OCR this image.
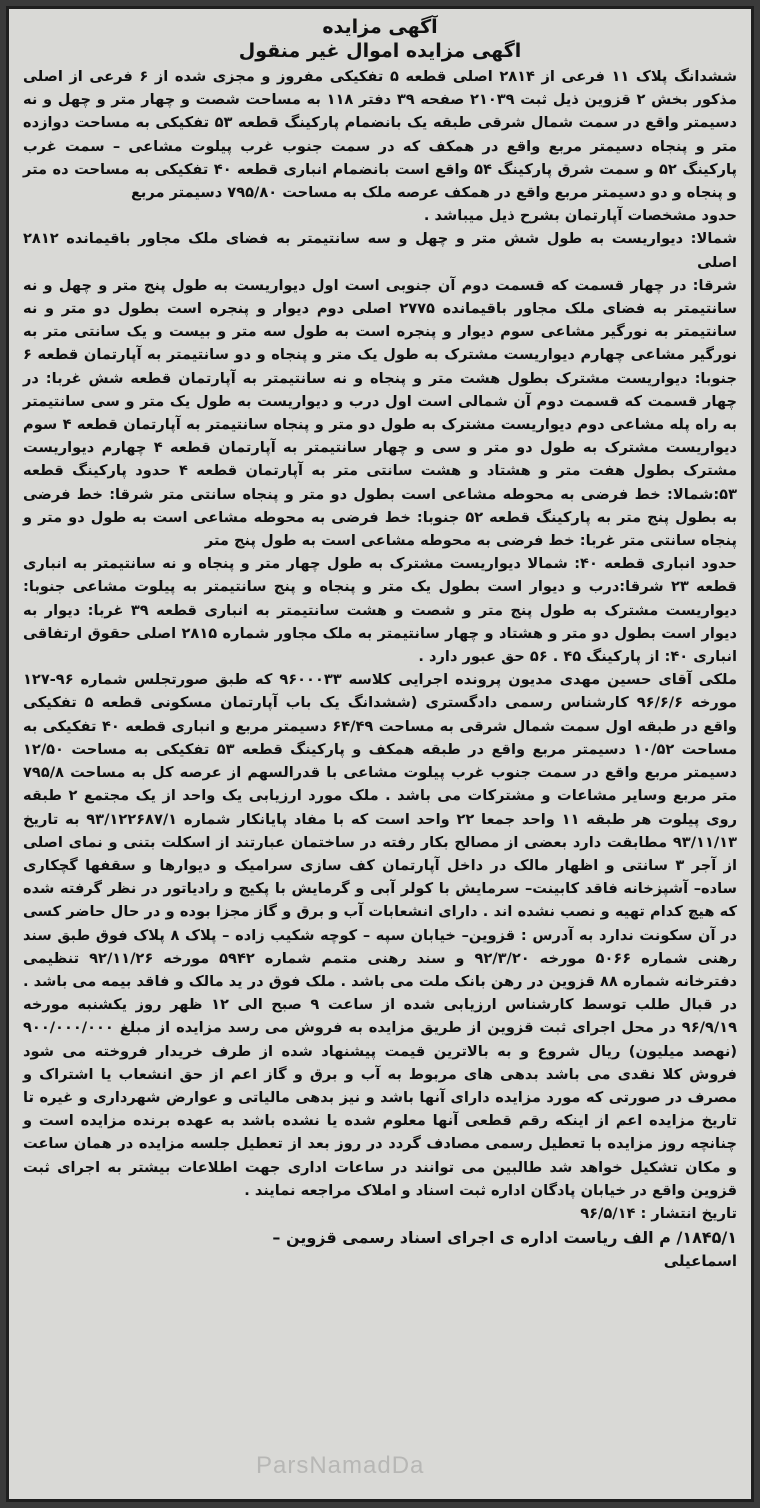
آگهی مزایده

اگهی مزایده اموال غیر منقول

ششدانگ پلاک ۱۱ فرعی از ۲۸۱۴ اصلی قطعه ۵ تفکیکی مفروز و مجزی شده از ۶ فرعی از اصلی مذکور بخش ۲ قزوین ذیل ثبت ۲۱۰۳۹ صفحه ۳۹ دفتر ۱۱۸ به مساحت شصت و چهار متر و چهل و نه دسیمتر واقع در سمت شمال شرقی طبقه یک بانضمام پارکینگ قطعه ۵۳ تفکیکی به مساحت دوازده متر و پنجاه دسیمتر مربع واقع در همکف که در سمت جنوب غرب پیلوت مشاعی – سمت غرب پارکینگ ۵۲ و سمت شرق پارکینگ ۵۴ واقع است بانضمام انباری قطعه ۴۰ تفکیکی به مساحت ده متر و پنجاه و دو دسیمتر مربع واقع در همکف عرصه ملک به مساحت ۷۹۵/۸۰ دسیمتر مربع

حدود مشخصات آپارتمان بشرح ذیل میباشد .

شمالا: دیواریست به طول شش متر و چهل و سه سانتیمتر به فضای ملک مجاور باقیمانده ۲۸۱۲ اصلی

شرقا: در چهار قسمت که قسمت دوم آن جنوبی است اول دیواریست به طول پنج متر و چهل و نه سانتیمتر به فضای ملک مجاور باقیمانده ۲۷۷۵ اصلی دوم دیوار و پنجره است بطول دو متر و نه سانتیمتر به نورگیر مشاعی سوم دیوار و پنجره است به طول سه متر و بیست و یک سانتی متر به نورگیر مشاعی چهارم دیواریست مشترک به طول یک متر و پنجاه و دو سانتیمتر به آپارتمان قطعه ۶ جنوبا: دیواریست مشترک بطول هشت متر و پنجاه و نه سانتیمتر به آپارتمان قطعه شش غربا: در چهار قسمت که قسمت دوم آن شمالی است اول درب و دیواریست به طول یک متر و سی سانتیمتر به راه پله مشاعی دوم دیواریست مشترک به طول دو متر و پنجاه سانتیمتر به آپارتمان قطعه ۴ سوم دیواریست مشترک به طول دو متر و سی و چهار سانتیمتر به آپارتمان قطعه ۴ چهارم دیواریست مشترک بطول هفت متر و هشتاد و هشت سانتی متر به آپارتمان قطعه ۴ حدود پارکینگ قطعه ۵۳:شمالا: خط فرضی به محوطه مشاعی است بطول دو متر و پنجاه سانتی متر شرقا: خط فرضی به بطول پنج متر به پارکینگ قطعه ۵۲ جنوبا: خط فرضی به محوطه مشاعی است به طول دو متر و پنجاه سانتی متر غربا: خط فرضی به محوطه مشاعی است به طول پنج متر

حدود انباری قطعه ۴۰: شمالا دیواریست مشترک به طول چهار متر و پنجاه و نه سانتیمتر به انباری قطعه ۲۳ شرقا:درب و دیوار است بطول یک متر و پنجاه و پنج سانتیمتر به پیلوت مشاعی جنوبا: دیواریست مشترک به طول پنج متر و شصت و هشت سانتیمتر به انباری قطعه ۳۹ غربا: دیوار به دیوار است بطول دو متر و هشتاد و چهار سانتیمتر به ملک مجاور شماره ۲۸۱۵ اصلی حقوق ارتفاقی انباری ۴۰: از پارکینگ ۴۵ . ۵۶ حق عبور دارد .

ملکی آقای حسین مهدی مدیون پرونده اجرایی کلاسه ۹۶۰۰۰۳۳ که طبق صورتجلس شماره ۹۶-۱۲۷ مورخه ۹۶/۶/۶ کارشناس رسمی دادگستری (ششدانگ یک باب آپارتمان مسکونی قطعه ۵ تفکیکی واقع در طبقه اول سمت شمال شرقی به مساحت ۶۴/۴۹ دسیمتر مربع و انباری قطعه ۴۰ تفکیکی به مساحت ۱۰/۵۲ دسیمتر مربع واقع در طبقه همکف و پارکینگ قطعه ۵۳ تفکیکی به مساحت ۱۲/۵۰ دسیمتر مربع واقع در سمت جنوب غرب پیلوت مشاعی با قدرالسهم از عرصه کل به مساحت ۷۹۵/۸ متر مربع وسایر مشاعات و مشترکات می باشد . ملک مورد ارزیابی یک واحد از یک مجتمع ۲ طبقه روی پیلوت هر طبقه ۱۱ واحد جمعا ۲۲ واحد است که با مفاد پایانکار شماره ۹۳/۱۲۲۶۸۷/۱ به تاریخ ۹۳/۱۱/۱۳ مطابقت دارد بعضی از مصالح بکار رفته در ساختمان عبارتند از اسکلت بتنی و نمای اصلی از آجر ۳ سانتی و اظهار مالک در داخل آپارتمان کف سازی سرامیک و دیوارها و سقفها گچکاری ساده– آشپزخانه فاقد کابینت– سرمایش با کولر آبی و گرمایش با پکیج و رادیاتور در نظر گرفته شده که هیچ کدام تهیه و نصب نشده اند . دارای انشعابات آب و برق و گاز مجزا بوده و در حال حاضر کسی در آن سکونت ندارد به آدرس : قزوین– خیابان سپه – کوچه شکیب زاده – پلاک ۸ پلاک فوق طبق سند رهنی شماره ۵۰۶۶ مورخه ۹۲/۳/۲۰ و سند رهنی متمم شماره ۵۹۴۲ مورخه ۹۲/۱۱/۲۶ تنظیمی دفترخانه شماره ۸۸ قزوین در رهن بانک ملت می باشد . ملک فوق در ید مالک و فاقد بیمه می باشد . در قبال طلب توسط کارشناس ارزیابی شده از ساعت ۹ صبح الی ۱۲ ظهر روز یکشنبه مورخه ۹۶/۹/۱۹ در محل اجرای ثبت قزوین از طریق مزایده به فروش می رسد مزایده از مبلغ ۹۰۰/۰۰۰/۰۰۰ (نهصد میلیون) ریال شروع و به بالاترین قیمت پیشنهاد شده از طرف خریدار فروخته می شود فروش کلا نقدی می باشد بدهی های مربوط به آب و برق و گاز اعم از حق انشعاب یا اشتراک و مصرف در صورتی که مورد مزایده دارای آنها باشد و نیز بدهی مالیاتی و عوارض شهرداری و غیره تا تاریخ مزایده اعم از اینکه رقم قطعی آنها معلوم شده یا نشده باشد به عهده برنده مزایده است و چنانچه روز مزایده با تعطیل رسمی مصادف گردد در روز بعد از تعطیل جلسه مزایده در همان ساعت و مکان تشکیل خواهد شد طالبین می توانند در ساعات اداری جهت اطلاعات بیشتر به اجرای ثبت قزوین واقع در خیابان پادگان اداره ثبت اسناد و املاک مراجعه نمایند .

تاریخ انتشار : ۹۶/۵/۱۴

۱۸۴۵/۱/ م الف ریاست اداره ی اجرای اسناد رسمی قزوین –

اسماعیلی

ParsNamadDa
